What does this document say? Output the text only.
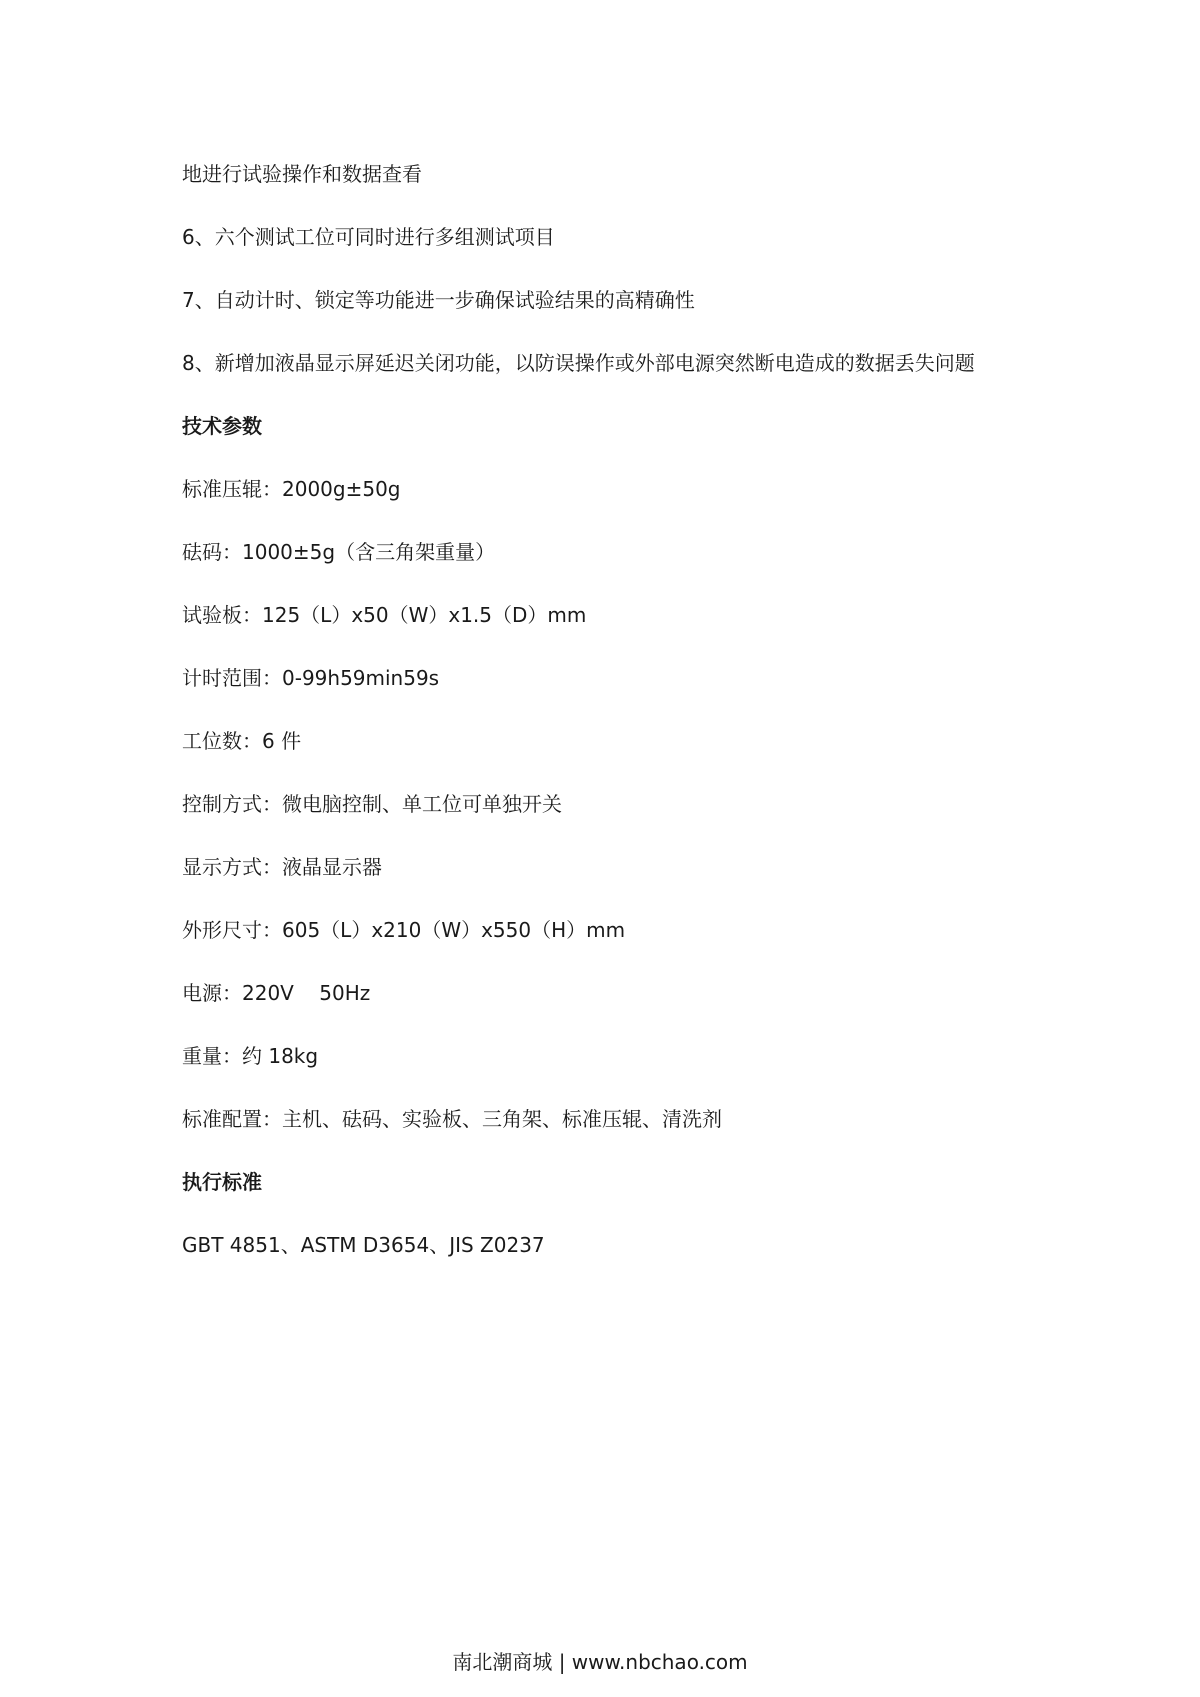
地进行试验操作和数据查看
6、六个测试工位可同时进行多组测试项目
7、自动计时、锁定等功能进一步确保试验结果的高精确性
8、新增加液晶显示屏延迟关闭功能，以防误操作或外部电源突然断电造成的数据丢失问题
技术参数
标准压辊：2000g±50g
砝码：1000±5g（含三角架重量）
试验板：125（L）x50（W）x1.5（D）mm
计时范围：0-99h59min59s
工位数：6 件
控制方式：微电脑控制、单工位可单独开关
显示方式：液晶显示器
外形尺寸：605（L）x210（W）x550（H）mm
电源：220V    50Hz
重量：约 18kg
标准配置：主机、砝码、实验板、三角架、标准压辊、清洗剂
执行标准
GBT 4851、ASTM D3654、JIS Z0237
南北潮商城 | www.nbchao.com
